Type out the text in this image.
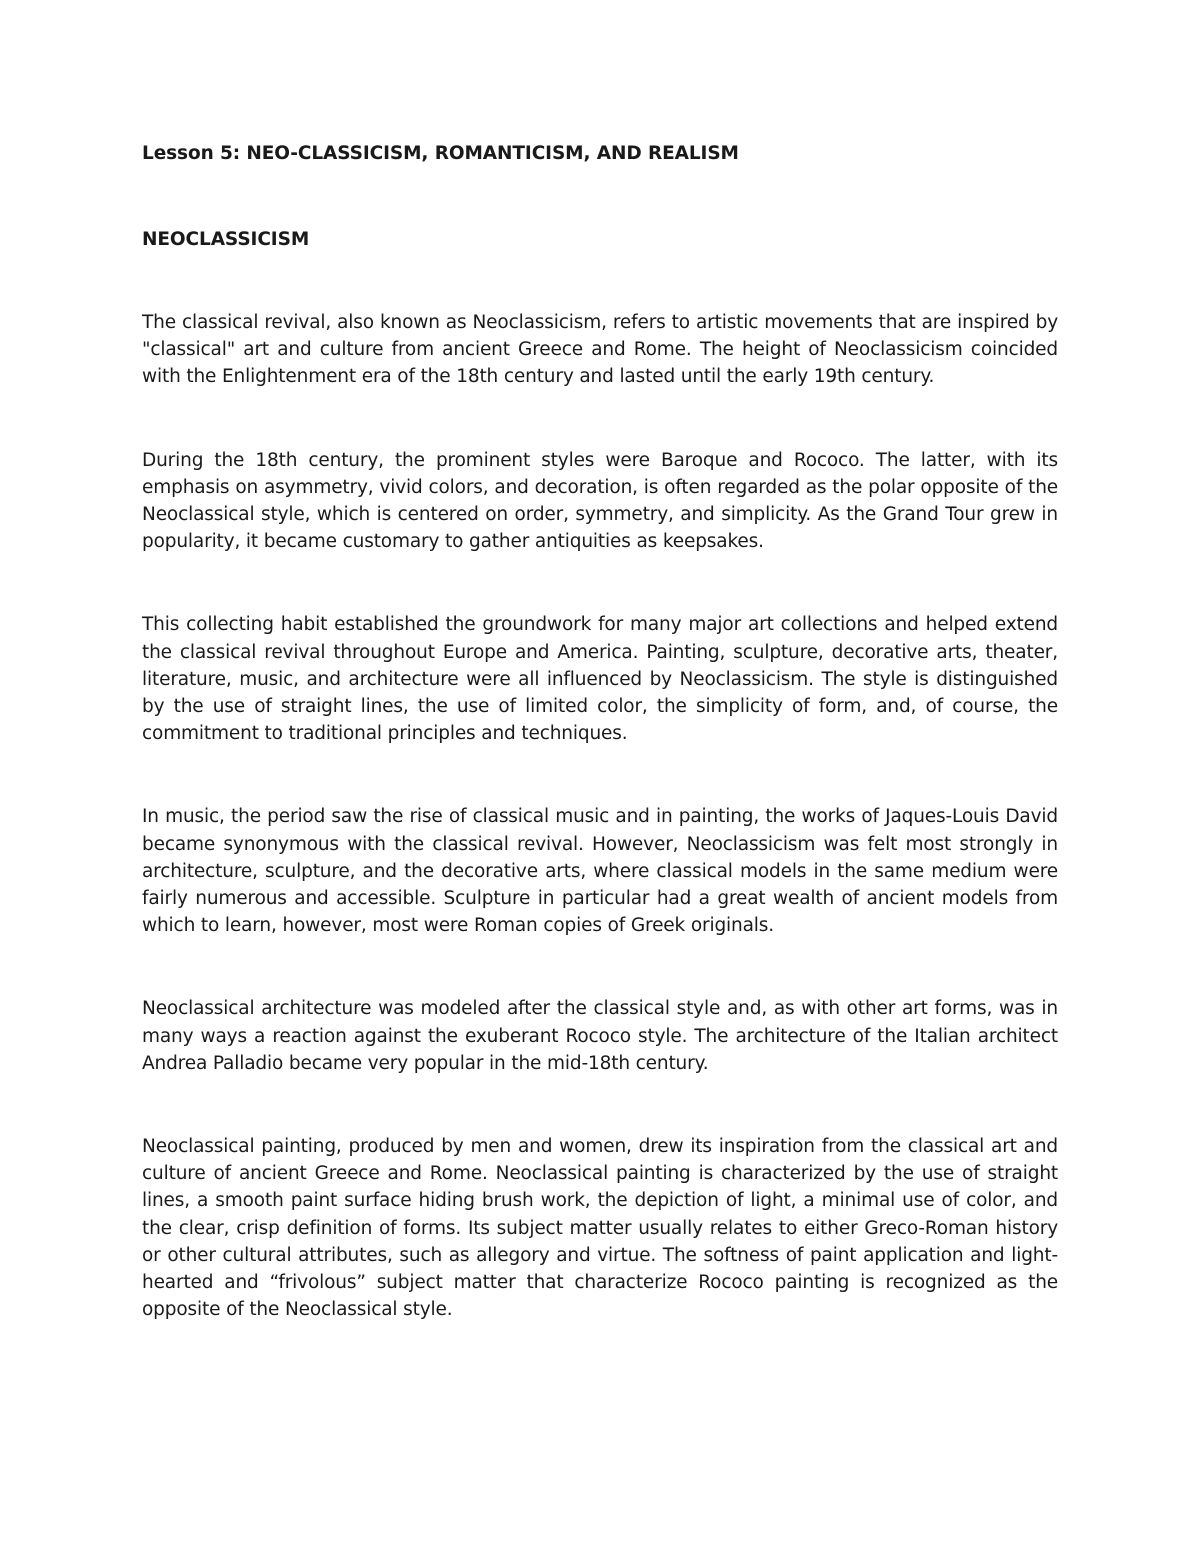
Lesson 5: NEO-CLASSICISM, ROMANTICISM, AND REALISM
NEOCLASSICISM

The classical revival, also known as Neoclassicism, refers to artistic movements that are inspired by "classical" art and culture from ancient Greece and Rome. The height of Neoclassicism coincided with the Enlightenment era of the 18th century and lasted until the early 19th century.

During the 18th century, the prominent styles were Baroque and Rococo. The latter, with its emphasis on asymmetry, vivid colors, and decoration, is often regarded as the polar opposite of the Neoclassical style, which is centered on order, symmetry, and simplicity. As the Grand Tour grew in popularity, it became customary to gather antiquities as keepsakes.

This collecting habit established the groundwork for many major art collections and helped extend the classical revival throughout Europe and America. Painting, sculpture, decorative arts, theater, literature, music, and architecture were all influenced by Neoclassicism. The style is distinguished by the use of straight lines, the use of limited color, the simplicity of form, and, of course, the commitment to traditional principles and techniques.

In music, the period saw the rise of classical music and in painting, the works of Jaques-Louis David became synonymous with the classical revival. However, Neoclassicism was felt most strongly in architecture, sculpture, and the decorative arts, where classical models in the same medium were fairly numerous and accessible. Sculpture in particular had a great wealth of ancient models from which to learn, however, most were Roman copies of Greek originals.

Neoclassical architecture was modeled after the classical style and, as with other art forms, was in many ways a reaction against the exuberant Rococo style. The architecture of the Italian architect Andrea Palladio became very popular in the mid-18th century.

Neoclassical painting, produced by men and women, drew its inspiration from the classical art and culture of ancient Greece and Rome. Neoclassical painting is characterized by the use of straight lines, a smooth paint surface hiding brush work, the depiction of light, a minimal use of color, and the clear, crisp definition of forms. Its subject matter usually relates to either Greco-Roman history or other cultural attributes, such as allegory and virtue. The softness of paint application and light-hearted and “frivolous” subject matter that characterize Rococo painting is recognized as the opposite of the Neoclassical style.
